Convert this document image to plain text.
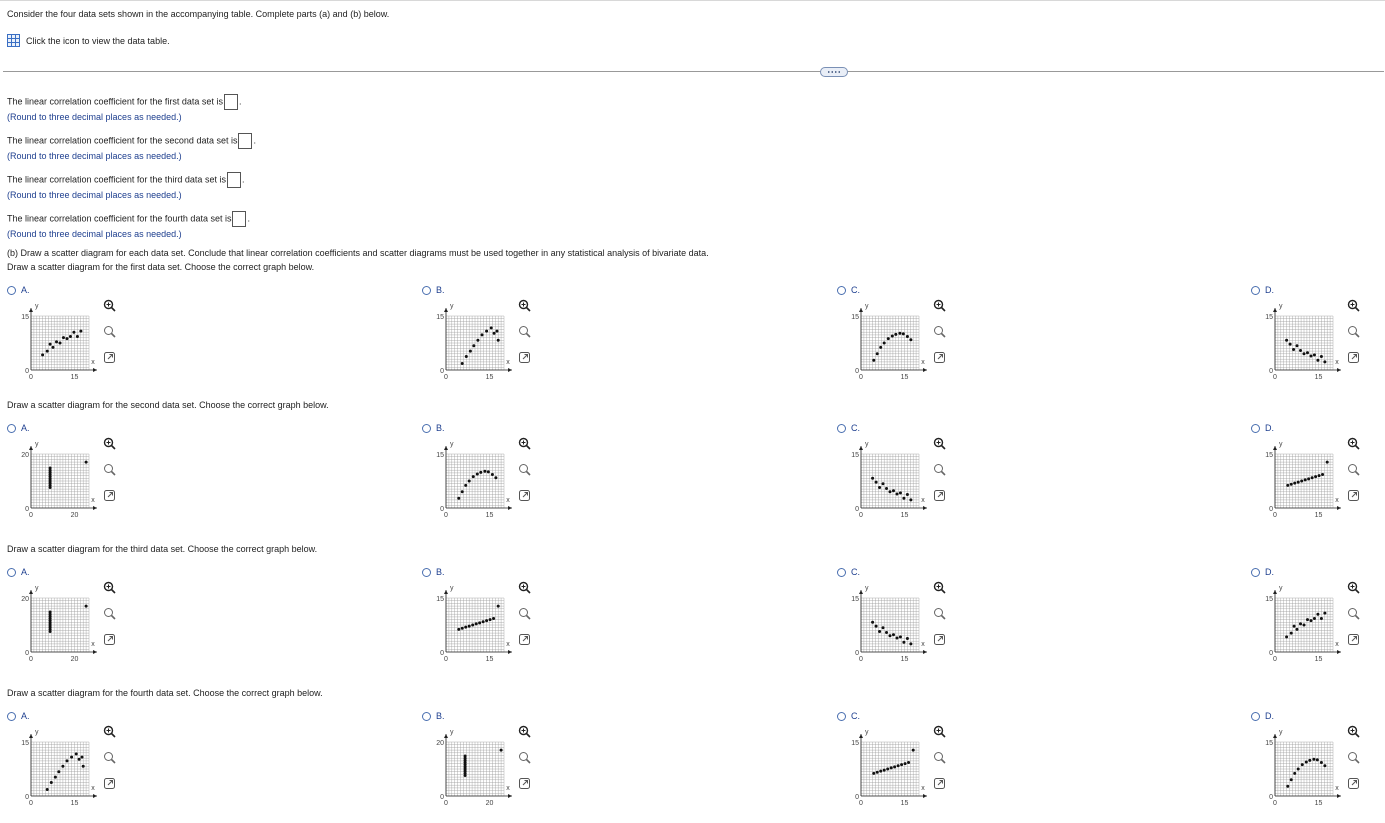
Consider the four data sets shown in the accompanying table. Complete parts (a) and (b) below.
Click the icon to view the data table.
The linear correlation coefficient for the first data set is .
(Round to three decimal places as needed.)
The linear correlation coefficient for the second data set is .
(Round to three decimal places as needed.)
The linear correlation coefficient for the third data set is .
(Round to three decimal places as needed.)
The linear correlation coefficient for the fourth data set is .
(Round to three decimal places as needed.)
(b) Draw a scatter diagram for each data set. Conclude that linear correlation coefficients and scatter diagrams must be used together in any statistical analysis of bivariate data.
Draw a scatter diagram for the first data set. Choose the correct graph below.
A.
y
x
15
0
0	15
B.
y
x
15
0
0	15
C.
y
x
15
0
0	15
D.
y
x
15
0
0	15
Draw a scatter diagram for the second data set. Choose the correct graph below.
A.
y
x
20
0
0	20
B.
y
x
15
0
0	15
C.
y
x
15
0
0	15
D.
y
x
15
0
0	15
Draw a scatter diagram for the third data set. Choose the correct graph below.
A.
y
x
20
0
0	20
B.
y
x
15
0
0	15
C.
y
x
15
0
0	15
D.
y
x
15
0
0	15
Draw a scatter diagram for the fourth data set. Choose the correct graph below.
A.
y
x
15
0
0	15
B.
y
x
20
0
0	20
C.
y
x
15
0
0	15
D.
y
x
15
0
0	15
